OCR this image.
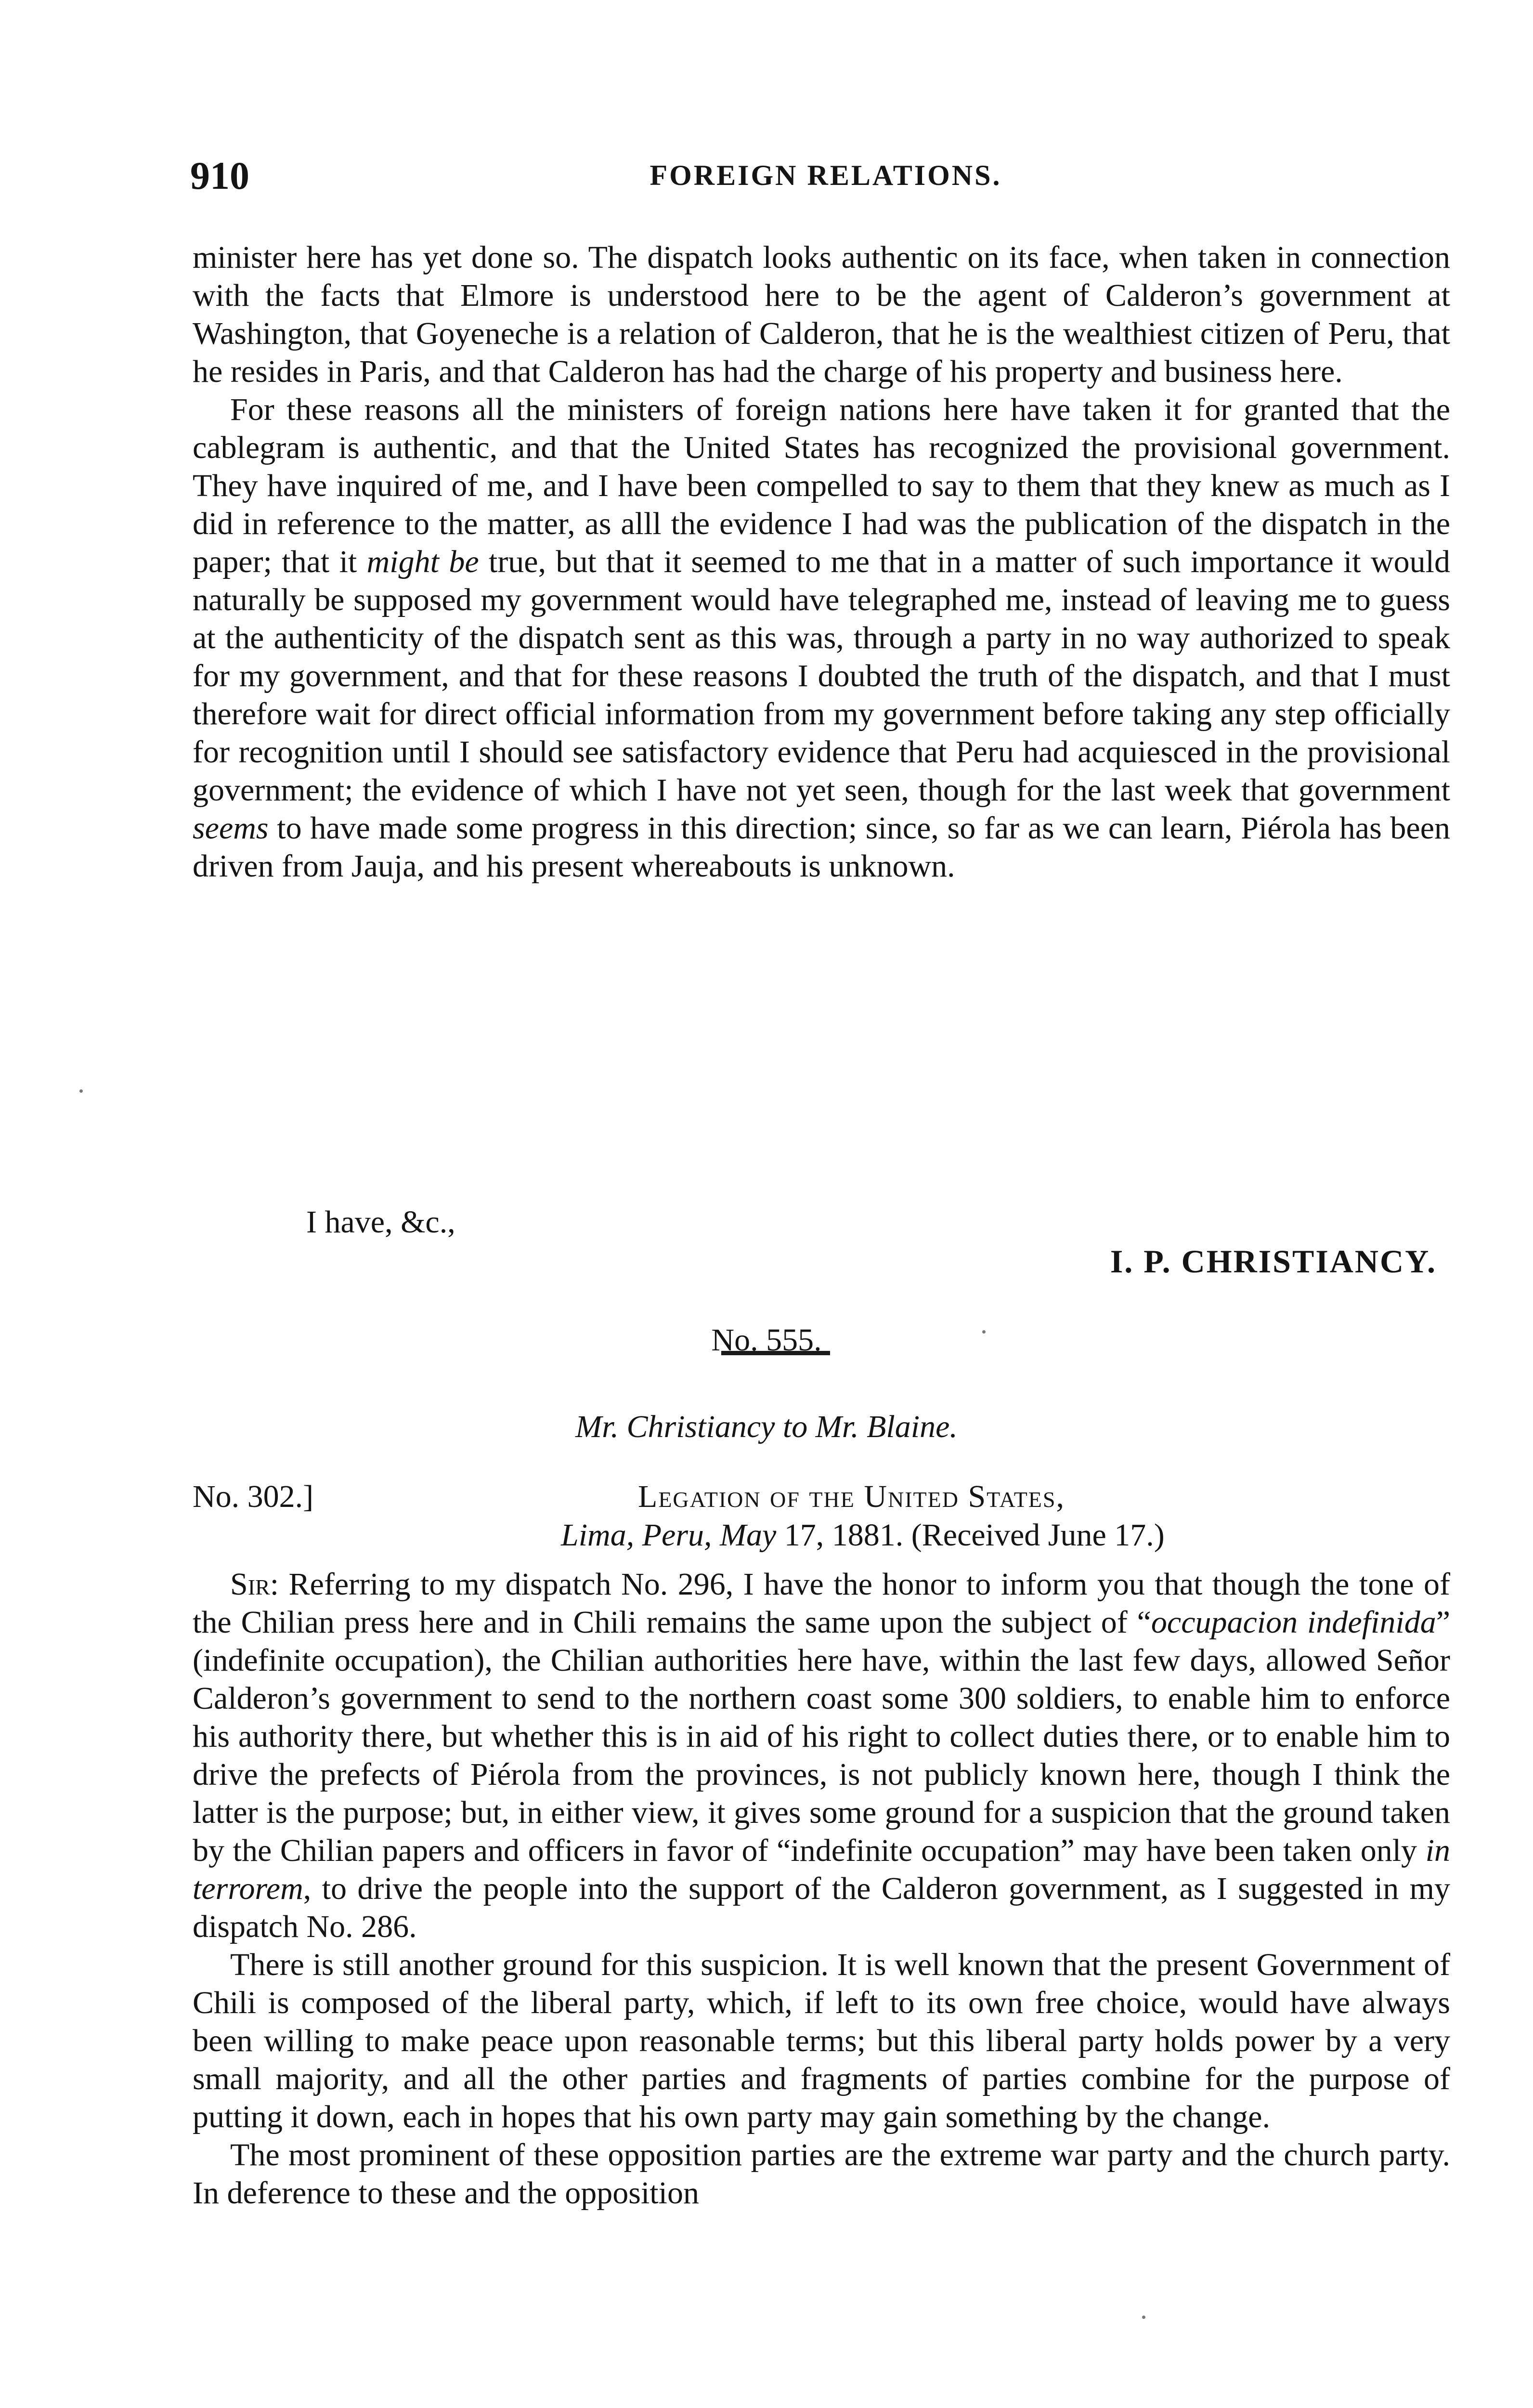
910	FOREIGN RELATIONS.

minister here has yet done so. The dispatch looks authentic on its face, when taken in connection with the facts that Elmore is understood here to be the agent of Calderon’s government at Washington, that Goyeneche is a relation of Calderon, that he is the wealthiest citizen of Peru, that he resides in Paris, and that Calderon has had the charge of his property and business here.

For these reasons all the ministers of foreign nations here have taken it for granted that the cablegram is authentic, and that the United States has recognized the provisional government. They have inquired of me, and I have been compelled to say to them that they knew as much as I did in reference to the matter, as alll the evidence I had was the publication of the dispatch in the paper; that it might be true, but that it seemed to me that in a matter of such importance it would naturally be supposed my government would have telegraphed me, instead of leaving me to guess at the authenticity of the dispatch sent as this was, through a party in no way authorized to speak for my government, and that for these reasons I doubted the truth of the dispatch, and that I must therefore wait for direct official information from my government before taking any step officially for recognition until I should see satisfactory evidence that Peru had acquiesced in the provisional government; the evidence of which I have not yet seen, though for the last week that government seems to have made some progress in this direction; since, so far as we can learn, Piérola has been driven from Jauja, and his present whereabouts is unknown.

I have, &c.,
I. P. CHRISTIANCY.
No. 555.
Mr. Christiancy to Mr. Blaine.
No. 302.]	Legation of the United States,
Lima, Peru, May 17, 1881. (Received June 17.)

Sir: Referring to my dispatch No. 296, I have the honor to inform you that though the tone of the Chilian press here and in Chili remains the same upon the subject of “occupacion indefinida” (indefinite occupation), the Chilian authorities here have, within the last few days, allowed Señor Calderon’s government to send to the northern coast some 300 soldiers, to enable him to enforce his authority there, but whether this is in aid of his right to collect duties there, or to enable him to drive the prefects of Piérola from the provinces, is not publicly known here, though I think the latter is the purpose; but, in either view, it gives some ground for a suspicion that the ground taken by the Chilian papers and officers in favor of “indefinite occupation” may have been taken only in terrorem, to drive the people into the support of the Calderon government, as I suggested in my dispatch No. 286.

There is still another ground for this suspicion. It is well known that the present Government of Chili is composed of the liberal party, which, if left to its own free choice, would have always been willing to make peace upon reasonable terms; but this liberal party holds power by a very small majority, and all the other parties and fragments of parties combine for the purpose of putting it down, each in hopes that his own party may gain something by the change.

The most prominent of these opposition parties are the extreme war party and the church party. In deference to these and the opposition
